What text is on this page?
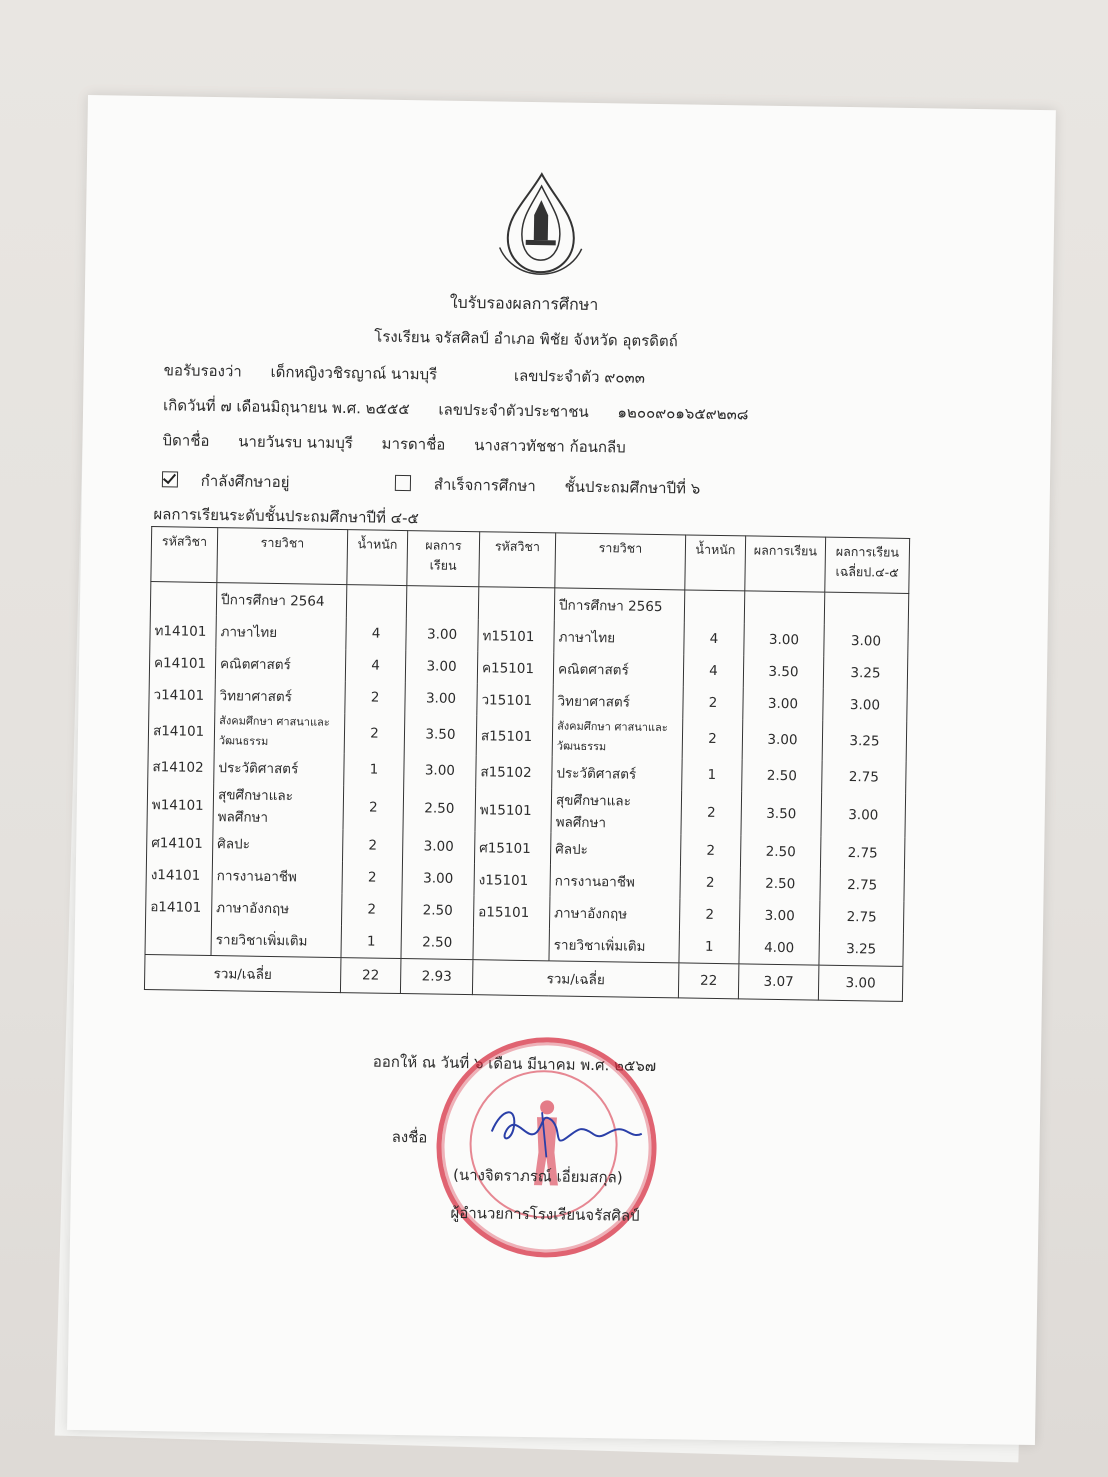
ใบรับรองผลการศึกษา
โรงเรียน จรัสศิลป์ อำเภอ พิชัย จังหวัด อุตรดิตถ์
ขอรับรองว่า เด็กหญิงวชิรญาณ์ นามบุรี	เลขประจำตัว ๙๐๓๓
เกิดวันที่ ๗ เดือนมิถุนายน พ.ศ. ๒๕๕๕ เลขประจำตัวประชาชน ๑๒๐๐๙๐๑๖๕๙๒๓๘
บิดาชื่อ นายวันรบ นามบุรี มารดาชื่อ นางสาวทัชชา ก้อนกลีบ
กำลังศึกษาอยู่	สำเร็จการศึกษา ชั้นประถมศึกษาปีที่ ๖
ผลการเรียนระดับชั้นประถมศึกษาปีที่ ๔-๕
รหัสวิชา	รายวิชา	น้ำหนัก	ผลการเรียน	รหัสวิชา	รายวิชา	น้ำหนัก	ผลการเรียน	ผลการเรียน เฉลี่ยป.๔-๕
	ปีการศึกษา 2564				ปีการศึกษา 2565			
ท14101	ภาษาไทย	4	3.00	ท15101	ภาษาไทย	4	3.00	3.00
ค14101	คณิตศาสตร์	4	3.00	ค15101	คณิตศาสตร์	4	3.50	3.25
ว14101	วิทยาศาสตร์	2	3.00	ว15101	วิทยาศาสตร์	2	3.00	3.00
ส14101	สังคมศึกษา ศาสนาและวัฒนธรรม	2	3.50	ส15101	สังคมศึกษา ศาสนาและวัฒนธรรม	2	3.00	3.25
ส14102	ประวัติศาสตร์	1	3.00	ส15102	ประวัติศาสตร์	1	2.50	2.75
พ14101	สุขศึกษาและพลศึกษา	2	2.50	พ15101	สุขศึกษาและพลศึกษา	2	3.50	3.00
ศ14101	ศิลปะ	2	3.00	ศ15101	ศิลปะ	2	2.50	2.75
ง14101	การงานอาชีพ	2	3.00	ง15101	การงานอาชีพ	2	2.50	2.75
อ14101	ภาษาอังกฤษ	2	2.50	อ15101	ภาษาอังกฤษ	2	3.00	2.75
	รายวิชาเพิ่มเติม	1	2.50		รายวิชาเพิ่มเติม	1	4.00	3.25
รวม/เฉลี่ย		22	2.93	รวม/เฉลี่ย		22	3.07	3.00
ออกให้ ณ วันที่ ๖ เดือน มีนาคม พ.ศ. ๒๕๖๗
ลงชื่อ
(นางจิตราภรณ์ เอี่ยมสกุล)
ผู้อำนวยการโรงเรียนจรัสศิลป์
